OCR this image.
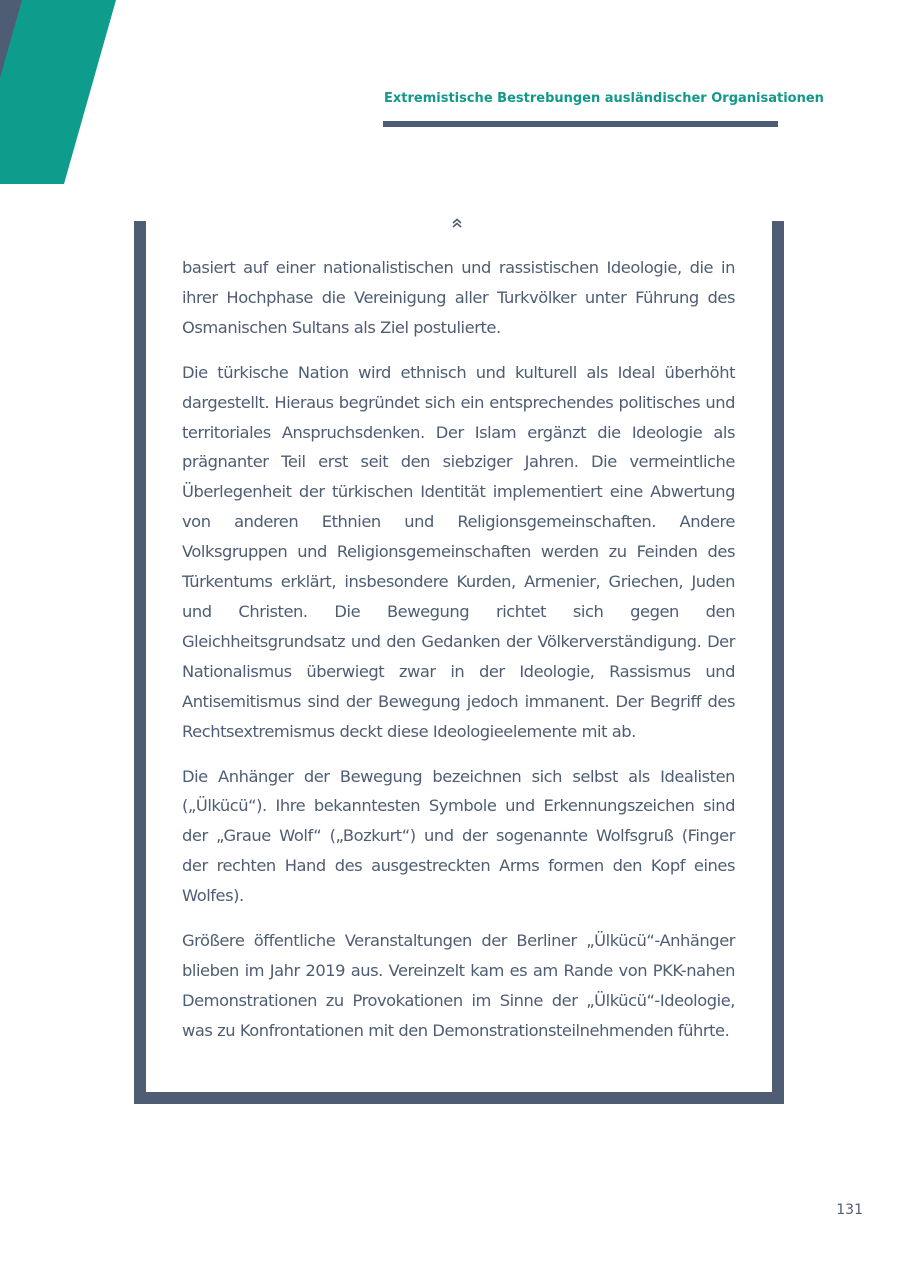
Extremistische Bestrebungen ausländischer Organisationen

basiert auf einer nationalistischen und rassistischen Ideologie, die in ihrer Hochphase die Vereinigung aller Turkvölker unter Führung des Osmanischen Sultans als Ziel postulierte.

Die türkische Nation wird ethnisch und kulturell als Ideal überhöht dargestellt. Hieraus begründet sich ein entsprechendes politisches und territoriales Anspruchsdenken. Der Islam ergänzt die Ideologie als prägnanter Teil erst seit den siebziger Jahren. Die vermeintliche Überlegenheit der türkischen Identität implementiert eine Abwertung von anderen Ethnien und Religionsgemeinschaften. Andere Volksgruppen und Religionsgemeinschaften werden zu Feinden des Türkentums erklärt, insbesondere Kurden, Armenier, Griechen, Juden und Christen. Die Bewegung richtet sich gegen den Gleichheitsgrundsatz und den Gedanken der Völkerverständigung. Der Nationalismus überwiegt zwar in der Ideologie, Rassismus und Antisemitismus sind der Bewegung jedoch immanent. Der Begriff des Rechtsextremismus deckt diese Ideologieelemente mit ab.

Die Anhänger der Bewegung bezeichnen sich selbst als Idealisten („Ülkücü“). Ihre bekanntesten Symbole und Erkennungszeichen sind der „Graue Wolf“ („Bozkurt“) und der sogenannte Wolfsgruß (Finger der rechten Hand des ausgestreckten Arms formen den Kopf eines Wolfes).

Größere öffentliche Veranstaltungen der Berliner „Ülkücü“-Anhänger blieben im Jahr 2019 aus. Vereinzelt kam es am Rande von PKK-nahen Demonstrationen zu Provokationen im Sinne der „Ülkücü“-Ideologie, was zu Konfrontationen mit den Demonstrationsteilnehmenden führte.

131
